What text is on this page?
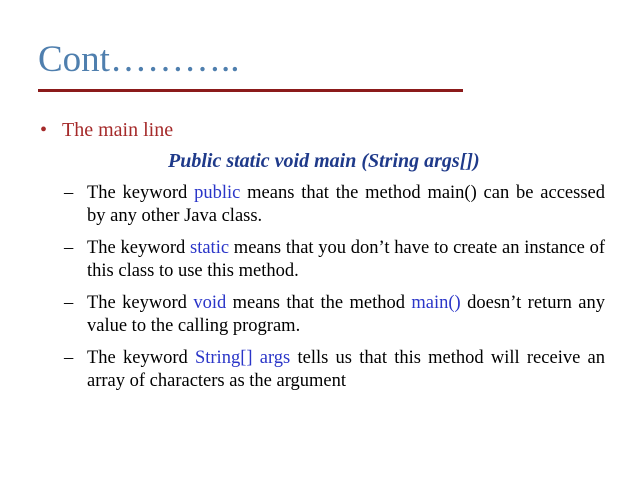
Cont………..
• The main line
Public static void main (String args[])
– The keyword public means that the method main() can be accessed by any other Java class.
– The keyword static means that you don’t have to create an instance of this class to use this method.
– The keyword void means that the method main() doesn’t return any value to the calling program.
– The keyword String[] args tells us that this method will receive an array of characters as the argument
